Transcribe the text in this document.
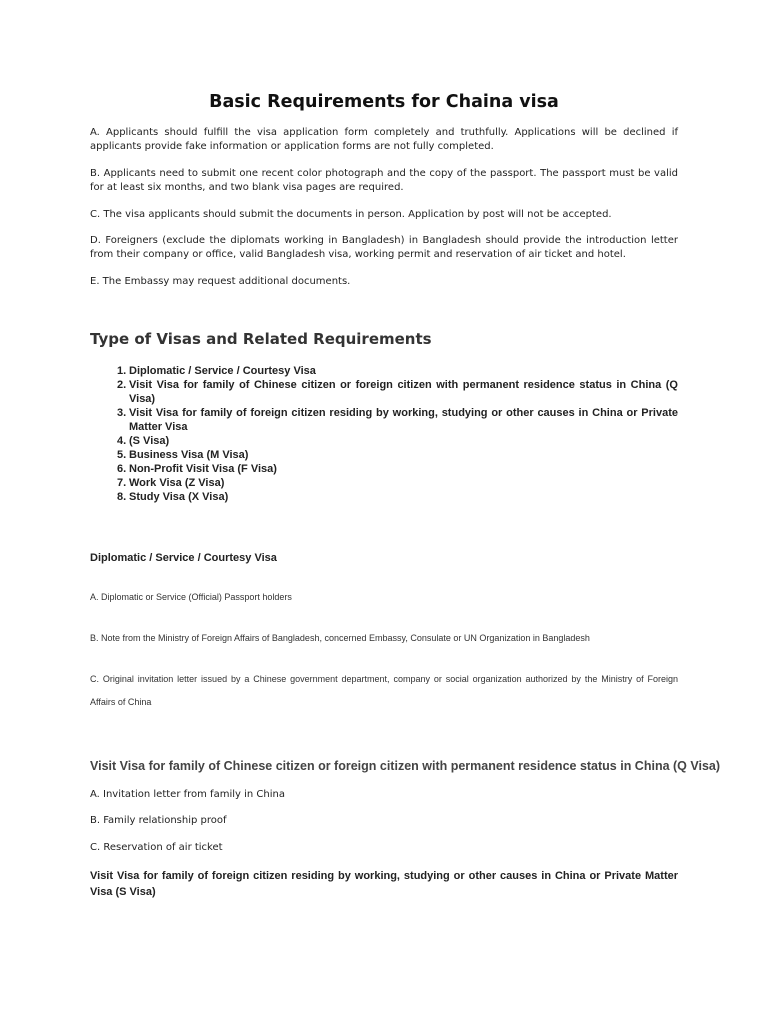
Basic Requirements for Chaina visa

A. Applicants should fulfill the visa application form completely and truthfully. Applications will be declined if applicants provide fake information or application forms are not fully completed.

B. Applicants need to submit one recent color photograph and the copy of the passport. The passport must be valid for at least six months, and two blank visa pages are required.

C. The visa applicants should submit the documents in person. Application by post will not be accepted.

D. Foreigners (exclude the diplomats working in Bangladesh) in Bangladesh should provide the introduction letter from their company or office, valid Bangladesh visa, working permit and reservation of air ticket and hotel.

E. The Embassy may request additional documents.

Type of Visas and Related Requirements
1. Diplomatic / Service / Courtesy Visa
2. Visit Visa for family of Chinese citizen or foreign citizen with permanent residence status in China (Q Visa)
3. Visit Visa for family of foreign citizen residing by working, studying or other causes in China or Private Matter Visa
4. (S Visa)
5. Business Visa (M Visa)
6. Non-Profit Visit Visa (F Visa)
7. Work Visa (Z Visa)
8. Study Visa (X Visa)
Diplomatic / Service / Courtesy Visa

A. Diplomatic or Service (Official) Passport holders

B. Note from the Ministry of Foreign Affairs of Bangladesh, concerned Embassy, Consulate or UN Organization in Bangladesh

C. Original invitation letter issued by a Chinese government department, company or social organization authorized by the Ministry of Foreign Affairs of China

Visit Visa for family of Chinese citizen or foreign citizen with permanent residence status in China (Q Visa)

A. Invitation letter from family in China

B. Family relationship proof

C. Reservation of air ticket

Visit Visa for family of foreign citizen residing by working, studying or other causes in China or Private Matter Visa (S Visa)
